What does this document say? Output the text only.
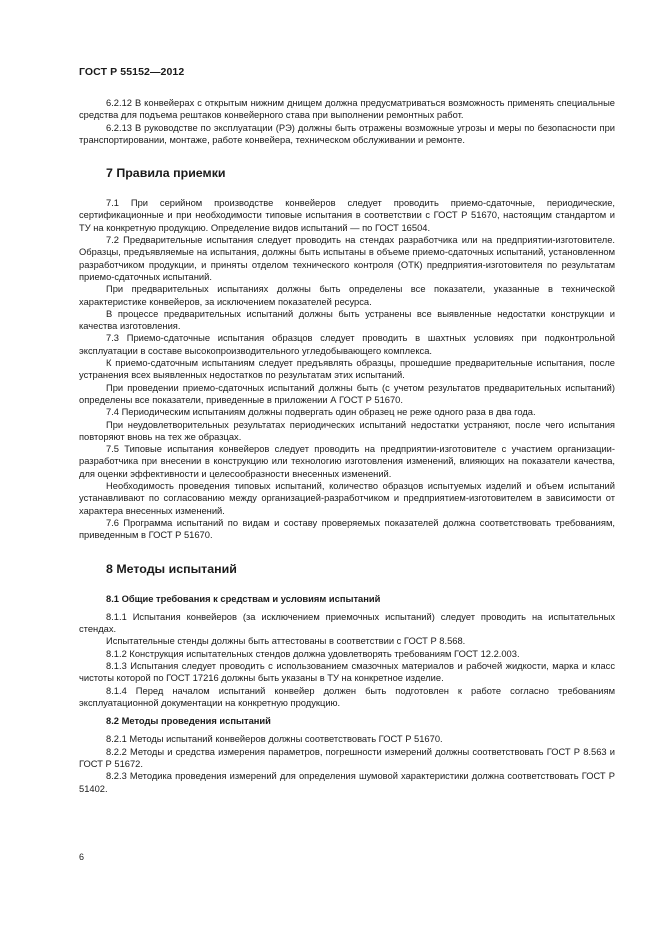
ГОСТ Р 55152—2012

6.2.12 В конвейерах с открытым нижним днищем должна предусматриваться возможность применять специальные средства для подъема рештаков конвейерного става при выполнении ремонтных работ.

6.2.13 В руководстве по эксплуатации (РЭ) должны быть отражены возможные угрозы и меры по безопасности при транспортировании, монтаже, работе конвейера, техническом обслуживании и ремонте.

7 Правила приемки

7.1 При серийном производстве конвейеров следует проводить приемо-сдаточные, периодические, сертификационные и при необходимости типовые испытания в соответствии с ГОСТ Р 51670, настоящим стандартом и ТУ на конкретную продукцию. Определение видов испытаний — по ГОСТ 16504.

7.2 Предварительные испытания следует проводить на стендах разработчика или на предприятии-изготовителе. Образцы, предъявляемые на испытания, должны быть испытаны в объеме приемо-сдаточных испытаний, установленном разработчиком продукции, и приняты отделом технического контроля (ОТК) предприятия-изготовителя по результатам приемо-сдаточных испытаний.

При предварительных испытаниях должны быть определены все показатели, указанные в технической характеристике конвейеров, за исключением показателей ресурса.

В процессе предварительных испытаний должны быть устранены все выявленные недостатки конструкции и качества изготовления.

7.3 Приемо-сдаточные испытания образцов следует проводить в шахтных условиях при подконтрольной эксплуатации в составе высокопроизводительного угледобывающего комплекса.

К приемо-сдаточным испытаниям следует предъявлять образцы, прошедшие предварительные испытания, после устранения всех выявленных недостатков по результатам этих испытаний.

При проведении приемо-сдаточных испытаний должны быть (с учетом результатов предварительных испытаний) определены все показатели, приведенные в приложении А ГОСТ Р 51670.

7.4 Периодическим испытаниям должны подвергать один образец не реже одного раза в два года.

При неудовлетворительных результатах периодических испытаний недостатки устраняют, после чего испытания повторяют вновь на тех же образцах.

7.5 Типовые испытания конвейеров следует проводить на предприятии-изготовителе с участием организации-разработчика при внесении в конструкцию или технологию изготовления изменений, влияющих на показатели качества, для оценки эффективности и целесообразности внесенных изменений.

Необходимость проведения типовых испытаний, количество образцов испытуемых изделий и объем испытаний устанавливают по согласованию между организацией-разработчиком и предприятием-изготовителем в зависимости от характера внесенных изменений.

7.6 Программа испытаний по видам и составу проверяемых показателей должна соответствовать требованиям, приведенным в ГОСТ Р 51670.

8 Методы испытаний
8.1 Общие требования к средствам и условиям испытаний

8.1.1 Испытания конвейеров (за исключением приемочных испытаний) следует проводить на испытательных стендах.

Испытательные стенды должны быть аттестованы в соответствии с ГОСТ Р 8.568.

8.1.2 Конструкция испытательных стендов должна удовлетворять требованиям ГОСТ 12.2.003.

8.1.3 Испытания следует проводить с использованием смазочных материалов и рабочей жидкости, марка и класс чистоты которой по ГОСТ 17216 должны быть указаны в ТУ на конкретное изделие.

8.1.4 Перед началом испытаний конвейер должен быть подготовлен к работе согласно требованиям эксплуатационной документации на конкретную продукцию.

8.2 Методы проведения испытаний

8.2.1 Методы испытаний конвейеров должны соответствовать ГОСТ Р 51670.

8.2.2 Методы и средства измерения параметров, погрешности измерений должны соответствовать ГОСТ Р 8.563 и ГОСТ Р 51672.

8.2.3 Методика проведения измерений для определения шумовой характеристики должна соответствовать ГОСТ Р 51402.

6
